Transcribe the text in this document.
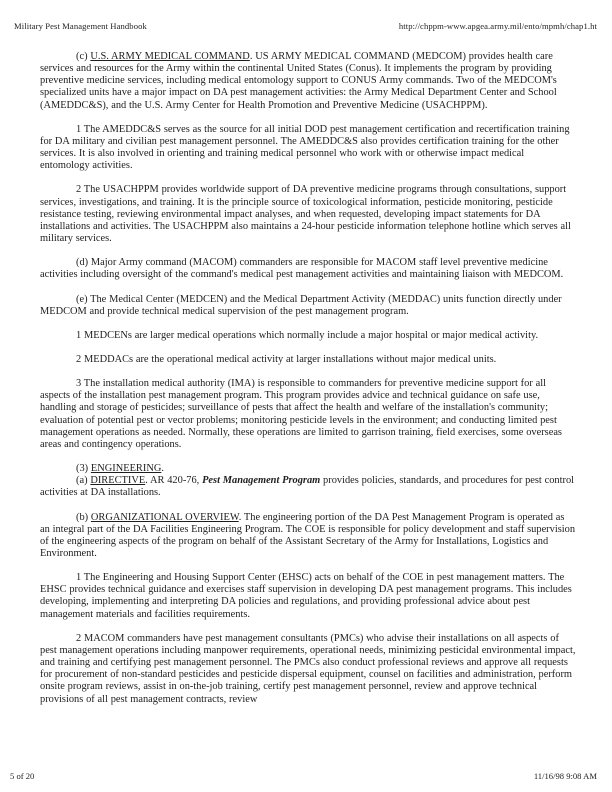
Military Pest Management Handbook	http://chppm-www.apgea.army.mil/ento/mpmh/chap1.ht

(c) U.S. ARMY MEDICAL COMMAND. US ARMY MEDICAL COMMAND (MEDCOM) provides health care services and resources for the Army within the continental United States (Conus). It implements the program by providing preventive medicine services, including medical entomology support to CONUS Army commands. Two of the MEDCOM's specialized units have a major impact on DA pest management activities: the Army Medical Department Center and School (AMEDDC&S), and the U.S. Army Center for Health Promotion and Preventive Medicine (USACHPPM).

1 The AMEDDC&S serves as the source for all initial DOD pest management certification and recertification training for DA military and civilian pest management personnel. The AMEDDC&S also provides certification training for the other services. It is also involved in orienting and training medical personnel who work with or otherwise impact medical entomology activities.

2 The USACHPPM provides worldwide support of DA preventive medicine programs through consultations, support services, investigations, and training. It is the principle source of toxicological information, pesticide monitoring, pesticide resistance testing, reviewing environmental impact analyses, and when requested, developing impact statements for DA installations and activities. The USACHPPM also maintains a 24-hour pesticide information telephone hotline which serves all military services.

(d) Major Army command (MACOM) commanders are responsible for MACOM staff level preventive medicine activities including oversight of the command's medical pest management activities and maintaining liaison with MEDCOM.

(e) The Medical Center (MEDCEN) and the Medical Department Activity (MEDDAC) units function directly under MEDCOM and provide technical medical supervision of the pest management program.

1 MEDCENs are larger medical operations which normally include a major hospital or major medical activity.

2 MEDDACs are the operational medical activity at larger installations without major medical units.

3 The installation medical authority (IMA) is responsible to commanders for preventive medicine support for all aspects of the installation pest management program. This program provides advice and technical guidance on safe use, handling and storage of pesticides; surveillance of pests that affect the health and welfare of the installation's community; evaluation of potential pest or vector problems; monitoring pesticide levels in the environment; and conducting limited pest management operations as needed. Normally, these operations are limited to garrison training, field exercises, some overseas areas and contingency operations.

(3) ENGINEERING.

(a) DIRECTIVE. AR 420-76, Pest Management Program provides policies, standards, and procedures for pest control activities at DA installations.

(b) ORGANIZATIONAL OVERVIEW. The engineering portion of the DA Pest Management Program is operated as an integral part of the DA Facilities Engineering Program. The COE is responsible for policy development and staff supervision of the engineering aspects of the program on behalf of the Assistant Secretary of the Army for Installations, Logistics and Environment.

1 The Engineering and Housing Support Center (EHSC) acts on behalf of the COE in pest management matters. The EHSC provides technical guidance and exercises staff supervision in developing DA pest management programs. This includes developing, implementing and interpreting DA policies and regulations, and providing professional advice about pest management materials and facilities requirements.

2 MACOM commanders have pest management consultants (PMCs) who advise their installations on all aspects of pest management operations including manpower requirements, operational needs, minimizing pesticidal environmental impact, and training and certifying pest management personnel. The PMCs also conduct professional reviews and approve all requests for procurement of non-standard pesticides and pesticide dispersal equipment, counsel on facilities and administration, perform onsite program reviews, assist in on-the-job training, certify pest management personnel, review and approve technical provisions of all pest management contracts, review

5 of 20	11/16/98 9:08 AM
